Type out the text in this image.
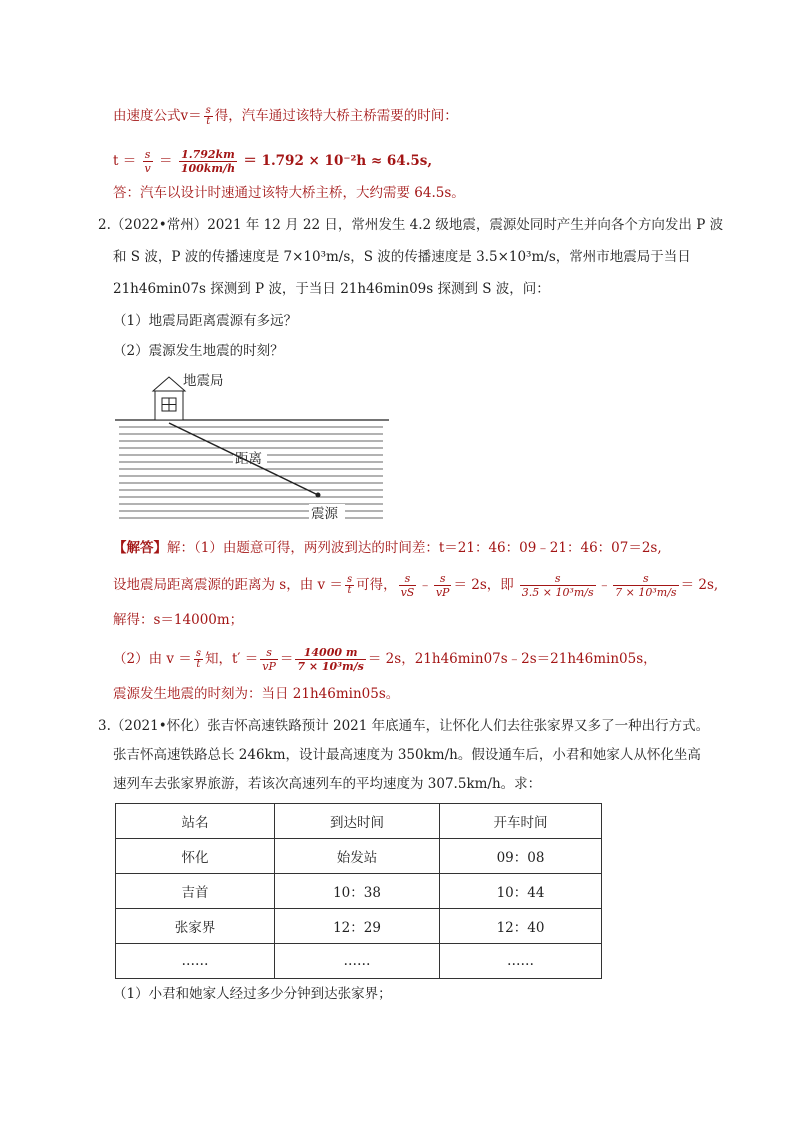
由速度公式$v= \frac{s}{t}$ 得，汽车通过该特大桥主桥需要的时间：
$t = \frac{s}{v} = \frac{1.792km}{100km/h} = 1.792 \times 10^{-2}h \approx 64.5s$,
答：汽车以设计时速通过该特大桥主桥，大约需要 64.5s。
2.（2022•常州）2021 年 12 月 22 日，常州发生 4.2 级地震，震源处同时产生并向各个方向发出 P 波
和 S 波，P 波的传播速度是 7×10³m/s，S 波的传播速度是 3.5×10³m/s，常州市地震局于当日
21h46min07s 探测到 P 波，于当日 21h46min09s 探测到 S 波，问：
（1）地震局距离震源有多远？
（2）震源发生地震的时刻？
地震局
距离
震源
【解答】解：（1）由题意可得，两列波到达的时间差：t＝21：46：09﹣21：46：07＝2s,
设地震局距离震源的距离为 s，由 $v = \frac{s}{t}$ 可得， $\frac{s}{vS}$ ﹣ $\frac{s}{vP} = 2s$，即 $\frac{s}{\text{3.5 × 10³m/s}}$ ﹣ $\frac{s}{\text{7 × 10³m/s}} = 2s$,
解得：s＝14000m；
（2）由 $v = \frac{s}{t}$ 知，$t' = \frac{s}{vP} = \frac{14000 m}{\text{7 × 10³m/s}} = 2s$，21h46min07s﹣2s＝21h46min05s，
震源发生地震的时刻为：当日 21h46min05s。
3.（2021•怀化）张吉怀高速铁路预计 2021 年底通车，让怀化人们去往张家界又多了一种出行方式。
张吉怀高速铁路总长 246km，设计最高速度为 350km/h。假设通车后，小君和她家人从怀化坐高
速列车去张家界旅游，若该次高速列车的平均速度为 307.5km/h。求：
站名	到达时间	开车时间
怀化	始发站	09：08
吉首	10：38	10：44
张家界	12：29	12：40
……	……	……
（1）小君和她家人经过多少分钟到达张家界；
